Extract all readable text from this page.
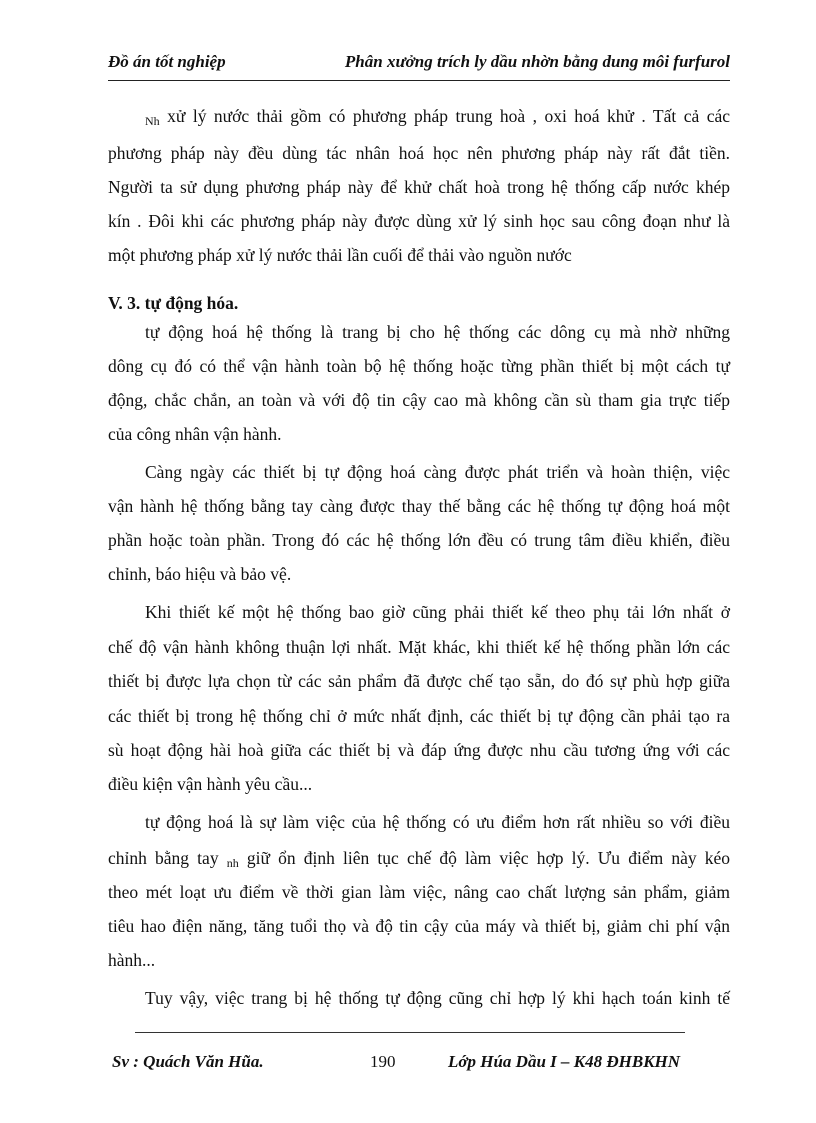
Đồ án tốt nghiệp	Phân xưởng trích ly dầu nhờn bằng dung môi furfurol
Nh xử lý nước thải gồm có phương pháp trung hoà , oxi hoá khử . Tất cả các
phương pháp này đều dùng tác nhân hoá học nên phương pháp này rất đắt tiền.
Người ta sử dụng phương pháp này để khử chất hoà trong hệ thống cấp nước khép
kín . Đôi khi các phương pháp này được dùng xử lý sinh học sau công đoạn như là
một phương pháp xử lý nước thải lần cuối để thải vào nguồn nước
V. 3. tự động hóa.
tự động hoá hệ thống là trang bị cho hệ thống các dông cụ mà nhờ những
dông cụ đó có thể vận hành toàn bộ hệ thống hoặc từng phần thiết bị một cách tự
động, chắc chắn, an toàn và với độ tin cậy cao mà không cần sù tham gia trực tiếp
của công nhân vận hành.
Càng ngày các thiết bị tự động hoá càng được phát triển và hoàn thiện, việc
vận hành hệ thống bằng tay càng được thay thế bằng các hệ thống tự động hoá một
phần hoặc toàn phần. Trong đó các hệ thống lớn đều có trung tâm điều khiển, điều
chỉnh, báo hiệu và bảo vệ.
Khi thiết kế một hệ thống bao giờ cũng phải thiết kế theo phụ tải lớn nhất ở
chế độ vận hành không thuận lợi nhất. Mặt khác, khi thiết kế hệ thống phần lớn các
thiết bị được lựa chọn từ các sản phẩm đã được chế tạo sẵn, do đó sự phù hợp giữa
các thiết bị trong hệ thống chỉ ở mức nhất định, các thiết bị tự động cần phải tạo ra
sù hoạt động hài hoà giữa các thiết bị và đáp ứng được nhu cầu tương ứng với các
điều kiện vận hành yêu cầu...
tự động hoá là sự làm việc của hệ thống có ưu điểm hơn rất nhiều so với điều
chỉnh bằng tay nh giữ ổn định liên tục chế độ làm việc hợp lý. Ưu điểm này kéo
theo mét loạt ưu điểm về thời gian làm việc, nâng cao chất lượng sản phẩm, giảm
tiêu hao điện năng, tăng tuổi thọ và độ tin cậy của máy và thiết bị, giảm chi phí vận
hành...
Tuy vậy, việc trang bị hệ thống tự động cũng chỉ hợp lý khi hạch toán kinh tế
Sv : Quách Văn Hũa.	190	Lớp Húa Dầu I – K48 ĐHBKHN
